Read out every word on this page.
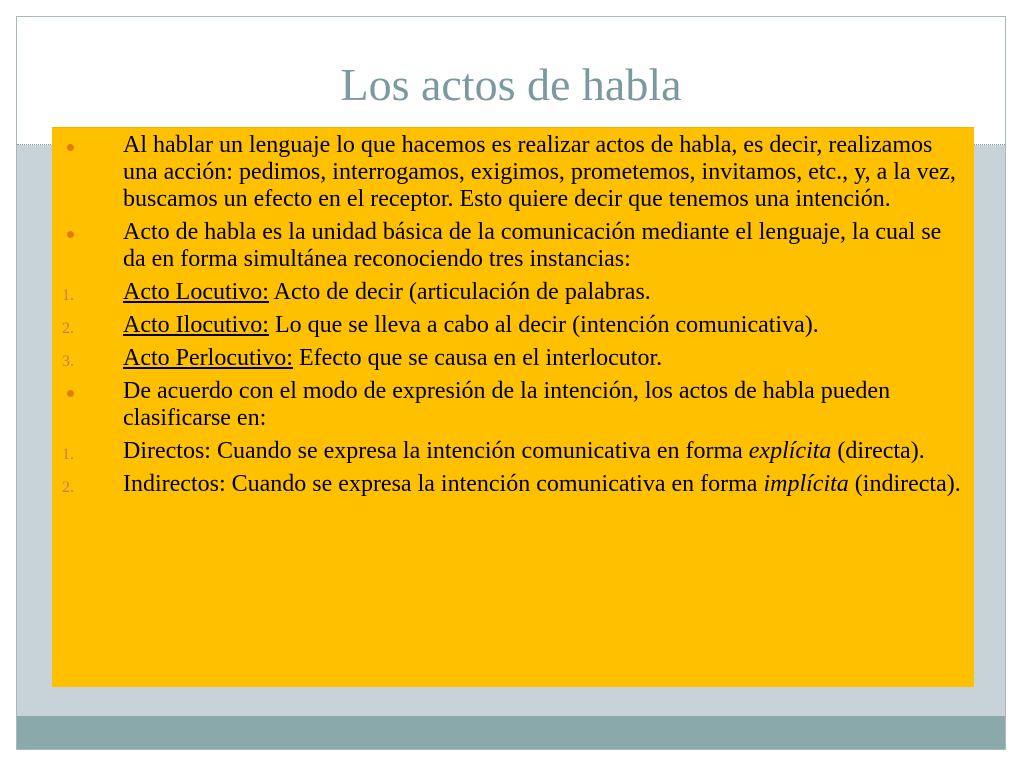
Los actos de habla
Al hablar un lenguaje lo que hacemos es realizar actos de habla, es decir, realizamos una acción: pedimos, interrogamos, exigimos, prometemos, invitamos, etc., y, a la vez, buscamos un efecto en el receptor. Esto quiere decir que tenemos una intención.
Acto de habla es la unidad básica de la comunicación mediante el lenguaje, la cual se da en forma simultánea reconociendo tres instancias:
1. Acto Locutivo: Acto de decir (articulación de palabras.
2. Acto Ilocutivo: Lo que se lleva a cabo al decir (intención comunicativa).
3. Acto Perlocutivo: Efecto que se causa en el interlocutor.
De acuerdo con el modo de expresión de la intención, los actos de habla pueden clasificarse en:
1. Directos: Cuando se expresa la intención comunicativa en forma explícita (directa).
2. Indirectos: Cuando se expresa la intención comunicativa en forma implícita (indirecta).
